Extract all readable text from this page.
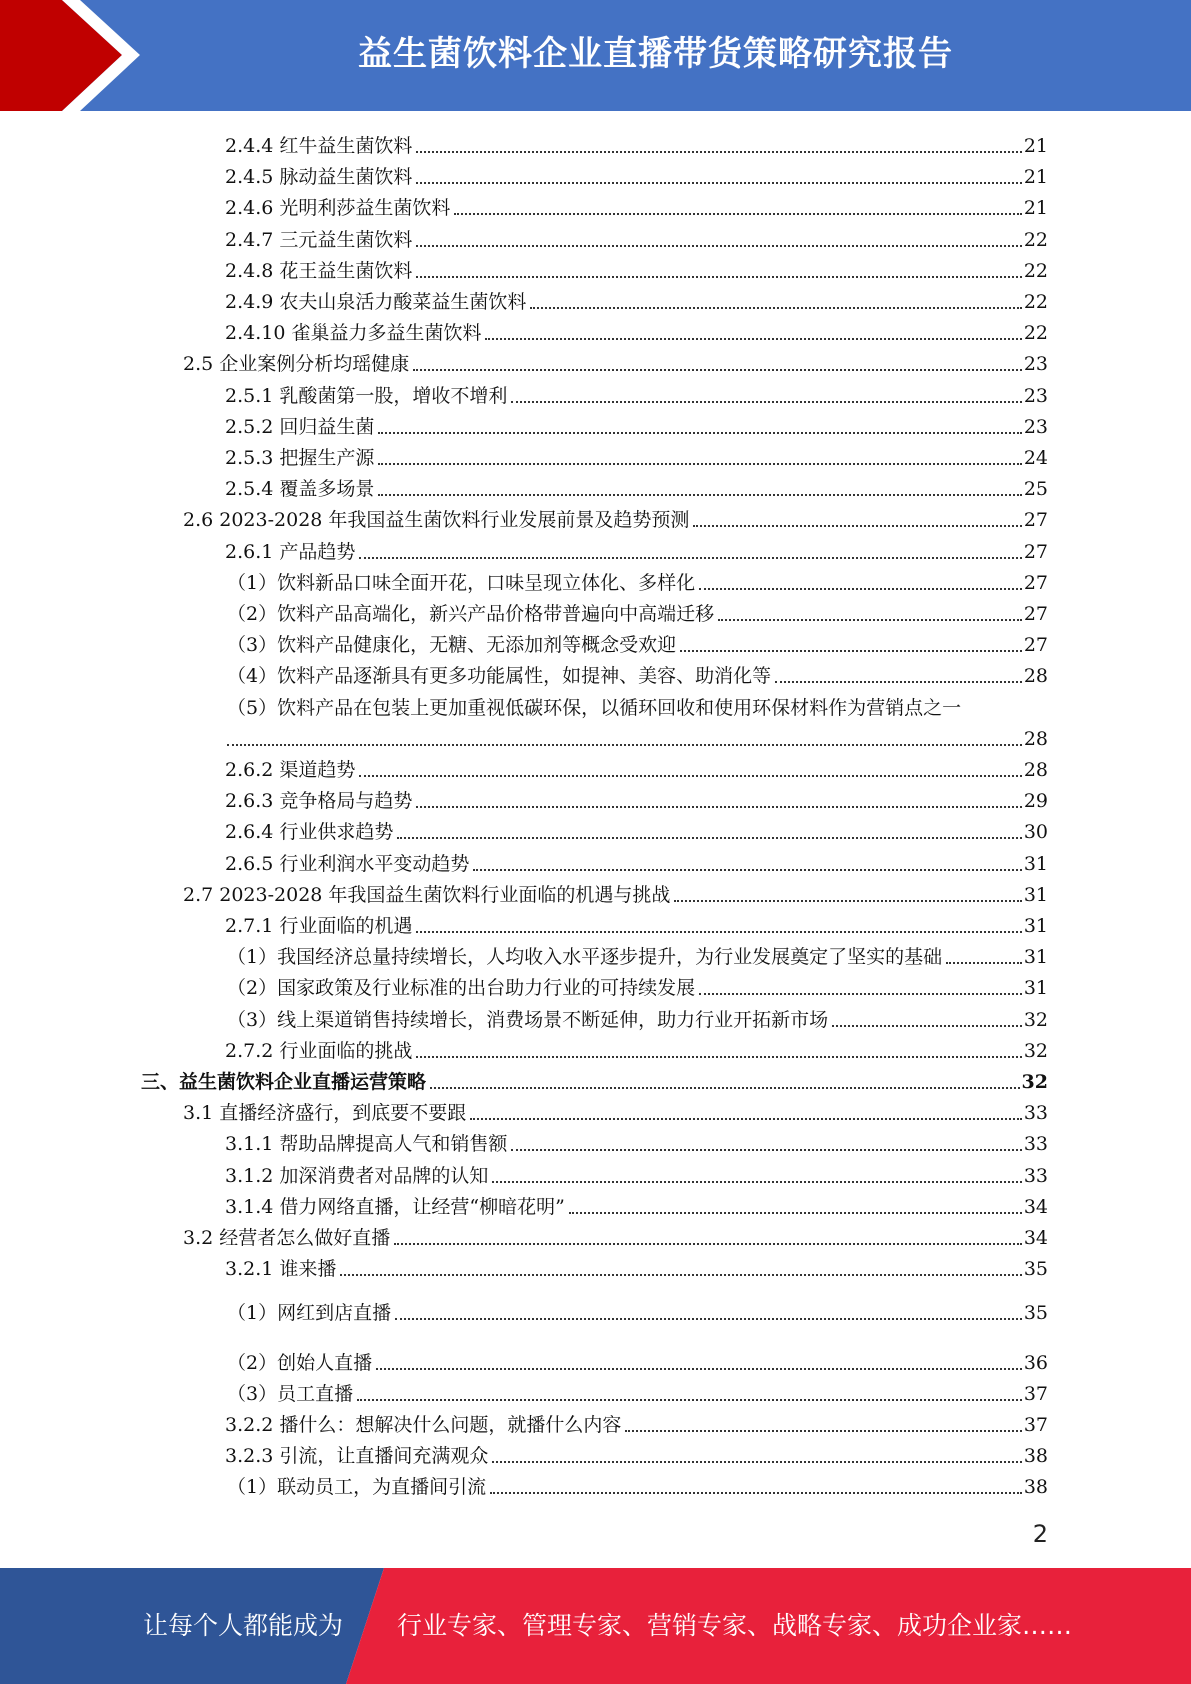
益生菌饮料企业直播带货策略研究报告
2.4.4 红牛益生菌饮料	21
2.4.5 脉动益生菌饮料	21
2.4.6 光明利莎益生菌饮料	21
2.4.7 三元益生菌饮料	22
2.4.8 花王益生菌饮料	22
2.4.9 农夫山泉活力酸菜益生菌饮料	22
2.4.10 雀巢益力多益生菌饮料	22
2.5 企业案例分析均瑶健康	23
2.5.1 乳酸菌第一股，增收不增利	23
2.5.2 回归益生菌	23
2.5.3 把握生产源	24
2.5.4 覆盖多场景	25
2.6 2023-2028 年我国益生菌饮料行业发展前景及趋势预测	27
2.6.1 产品趋势	27
（1）饮料新品口味全面开花，口味呈现立体化、多样化	27
（2）饮料产品高端化，新兴产品价格带普遍向中高端迁移	27
（3）饮料产品健康化，无糖、无添加剂等概念受欢迎	27
（4）饮料产品逐渐具有更多功能属性，如提神、美容、助消化等	28
（5）饮料产品在包装上更加重视低碳环保，以循环回收和使用环保材料作为营销点之一
28
2.6.2 渠道趋势	28
2.6.3 竞争格局与趋势	29
2.6.4 行业供求趋势	30
2.6.5 行业利润水平变动趋势	31
2.7 2023-2028 年我国益生菌饮料行业面临的机遇与挑战	31
2.7.1 行业面临的机遇	31
（1）我国经济总量持续增长，人均收入水平逐步提升，为行业发展奠定了坚实的基础	31
（2）国家政策及行业标准的出台助力行业的可持续发展	31
（3）线上渠道销售持续增长，消费场景不断延伸，助力行业开拓新市场	32
2.7.2 行业面临的挑战	32
三、益生菌饮料企业直播运营策略	32
3.1 直播经济盛行，到底要不要跟	33
3.1.1 帮助品牌提高人气和销售额	33
3.1.2 加深消费者对品牌的认知	33
3.1.4 借力网络直播，让经营“柳暗花明”	34
3.2 经营者怎么做好直播	34
3.2.1 谁来播	35
（1）网红到店直播	35
（2）创始人直播	36
（3）员工直播	37
3.2.2 播什么：想解决什么问题，就播什么内容	37
3.2.3 引流，让直播间充满观众	38
（1）联动员工，为直播间引流	38
2
让每个人都能成为 行业专家、管理专家、营销专家、战略专家、成功企业家……
